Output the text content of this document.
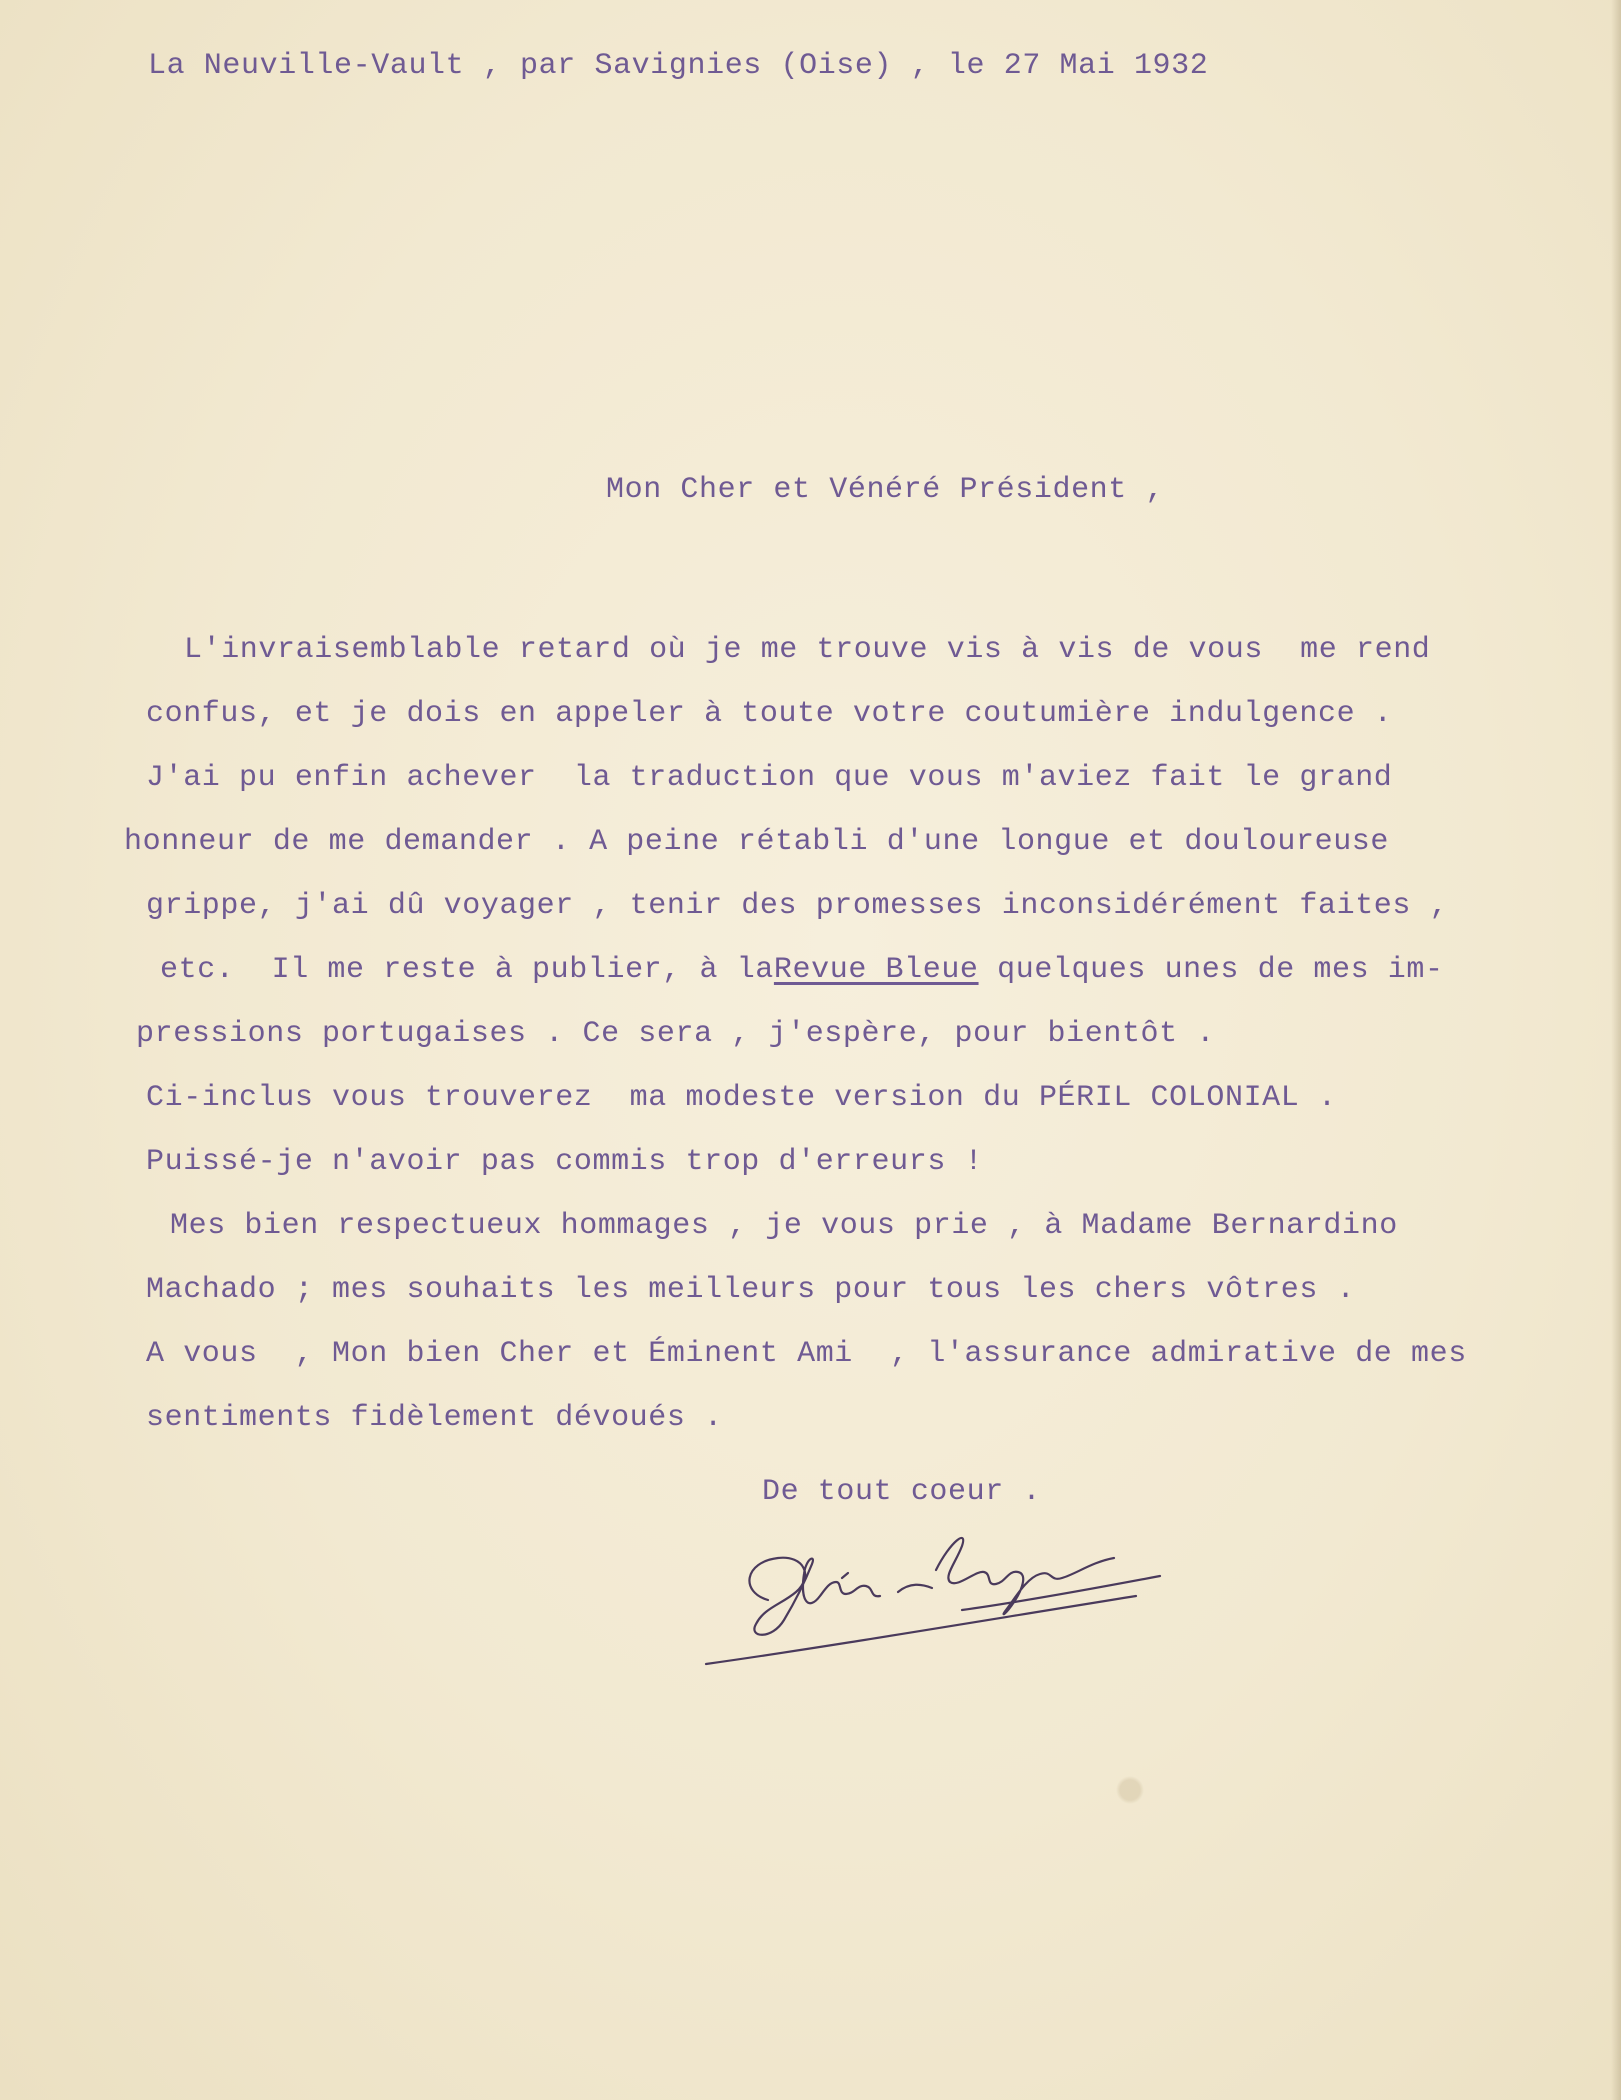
La Neuville-Vault , par Savignies (Oise) , le 27 Mai 1932
Mon Cher et Vénéré Président ,
L'invraisemblable retard où je me trouve vis à vis de vous  me rend
confus, et je dois en appeler à toute votre coutumière indulgence .
J'ai pu enfin achever  la traduction que vous m'aviez fait le grand
honneur de me demander . A peine rétabli d'une longue et douloureuse
grippe, j'ai dû voyager , tenir des promesses inconsidérément faites ,
etc.  Il me reste à publier, à laRevue Bleue quelques unes de mes im-
pressions portugaises . Ce sera , j'espère, pour bientôt .
Ci-inclus vous trouverez  ma modeste version du PÉRIL COLONIAL .
Puissé-je n'avoir pas commis trop d'erreurs !
Mes bien respectueux hommages , je vous prie , à Madame Bernardino
Machado ; mes souhaits les meilleurs pour tous les chers vôtres .
A vous  , Mon bien Cher et Éminent Ami  , l'assurance admirative de mes
sentiments fidèlement dévoués .
De tout coeur .
